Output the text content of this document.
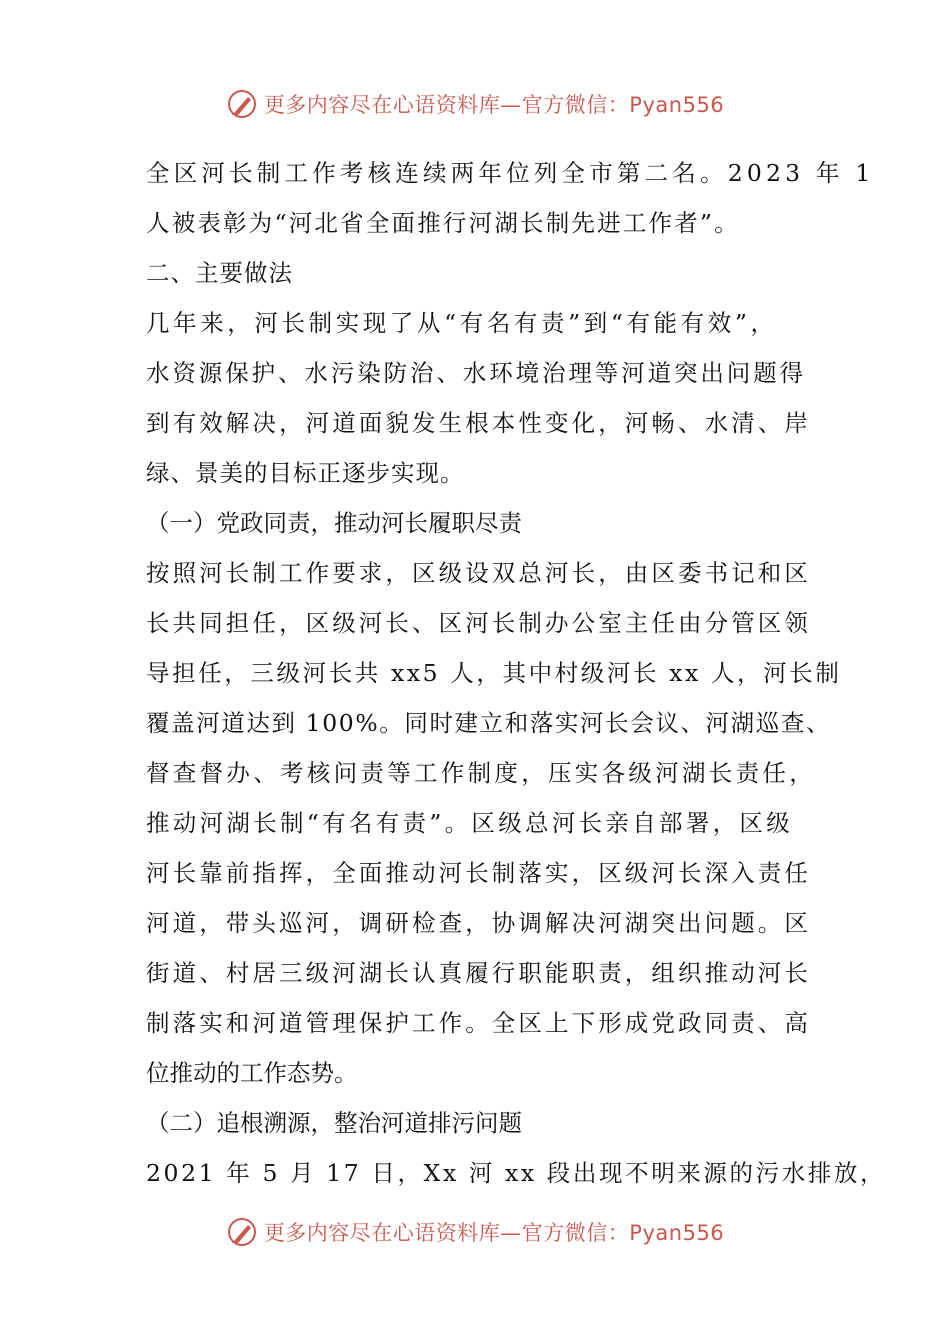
更多内容尽在心语资料库—官方微信：Pyan556
全区河长制工作考核连续两年位列全市第二名。2023 年 1
人被表彰为“河北省全面推行河湖长制先进工作者”。
二、主要做法
几年来，河长制实现了从“有名有责”到“有能有效”，
水资源保护、水污染防治、水环境治理等河道突出问题得
到有效解决，河道面貌发生根本性变化，河畅、水清、岸
绿、景美的目标正逐步实现。
（一）党政同责，推动河长履职尽责
按照河长制工作要求，区级设双总河长，由区委书记和区
长共同担任，区级河长、区河长制办公室主任由分管区领
导担任，三级河长共 xx5 人，其中村级河长 xx 人，河长制
覆盖河道达到 100%。同时建立和落实河长会议、河湖巡查、
督查督办、考核问责等工作制度，压实各级河湖长责任，
推动河湖长制“有名有责”。区级总河长亲自部署，区级
河长靠前指挥，全面推动河长制落实，区级河长深入责任
河道，带头巡河，调研检查，协调解决河湖突出问题。区
街道、村居三级河湖长认真履行职能职责，组织推动河长
制落实和河道管理保护工作。全区上下形成党政同责、高
位推动的工作态势。
（二）追根溯源，整治河道排污问题
2021 年 5 月 17 日，Xx 河 xx 段出现不明来源的污水排放，
更多内容尽在心语资料库—官方微信：Pyan556
